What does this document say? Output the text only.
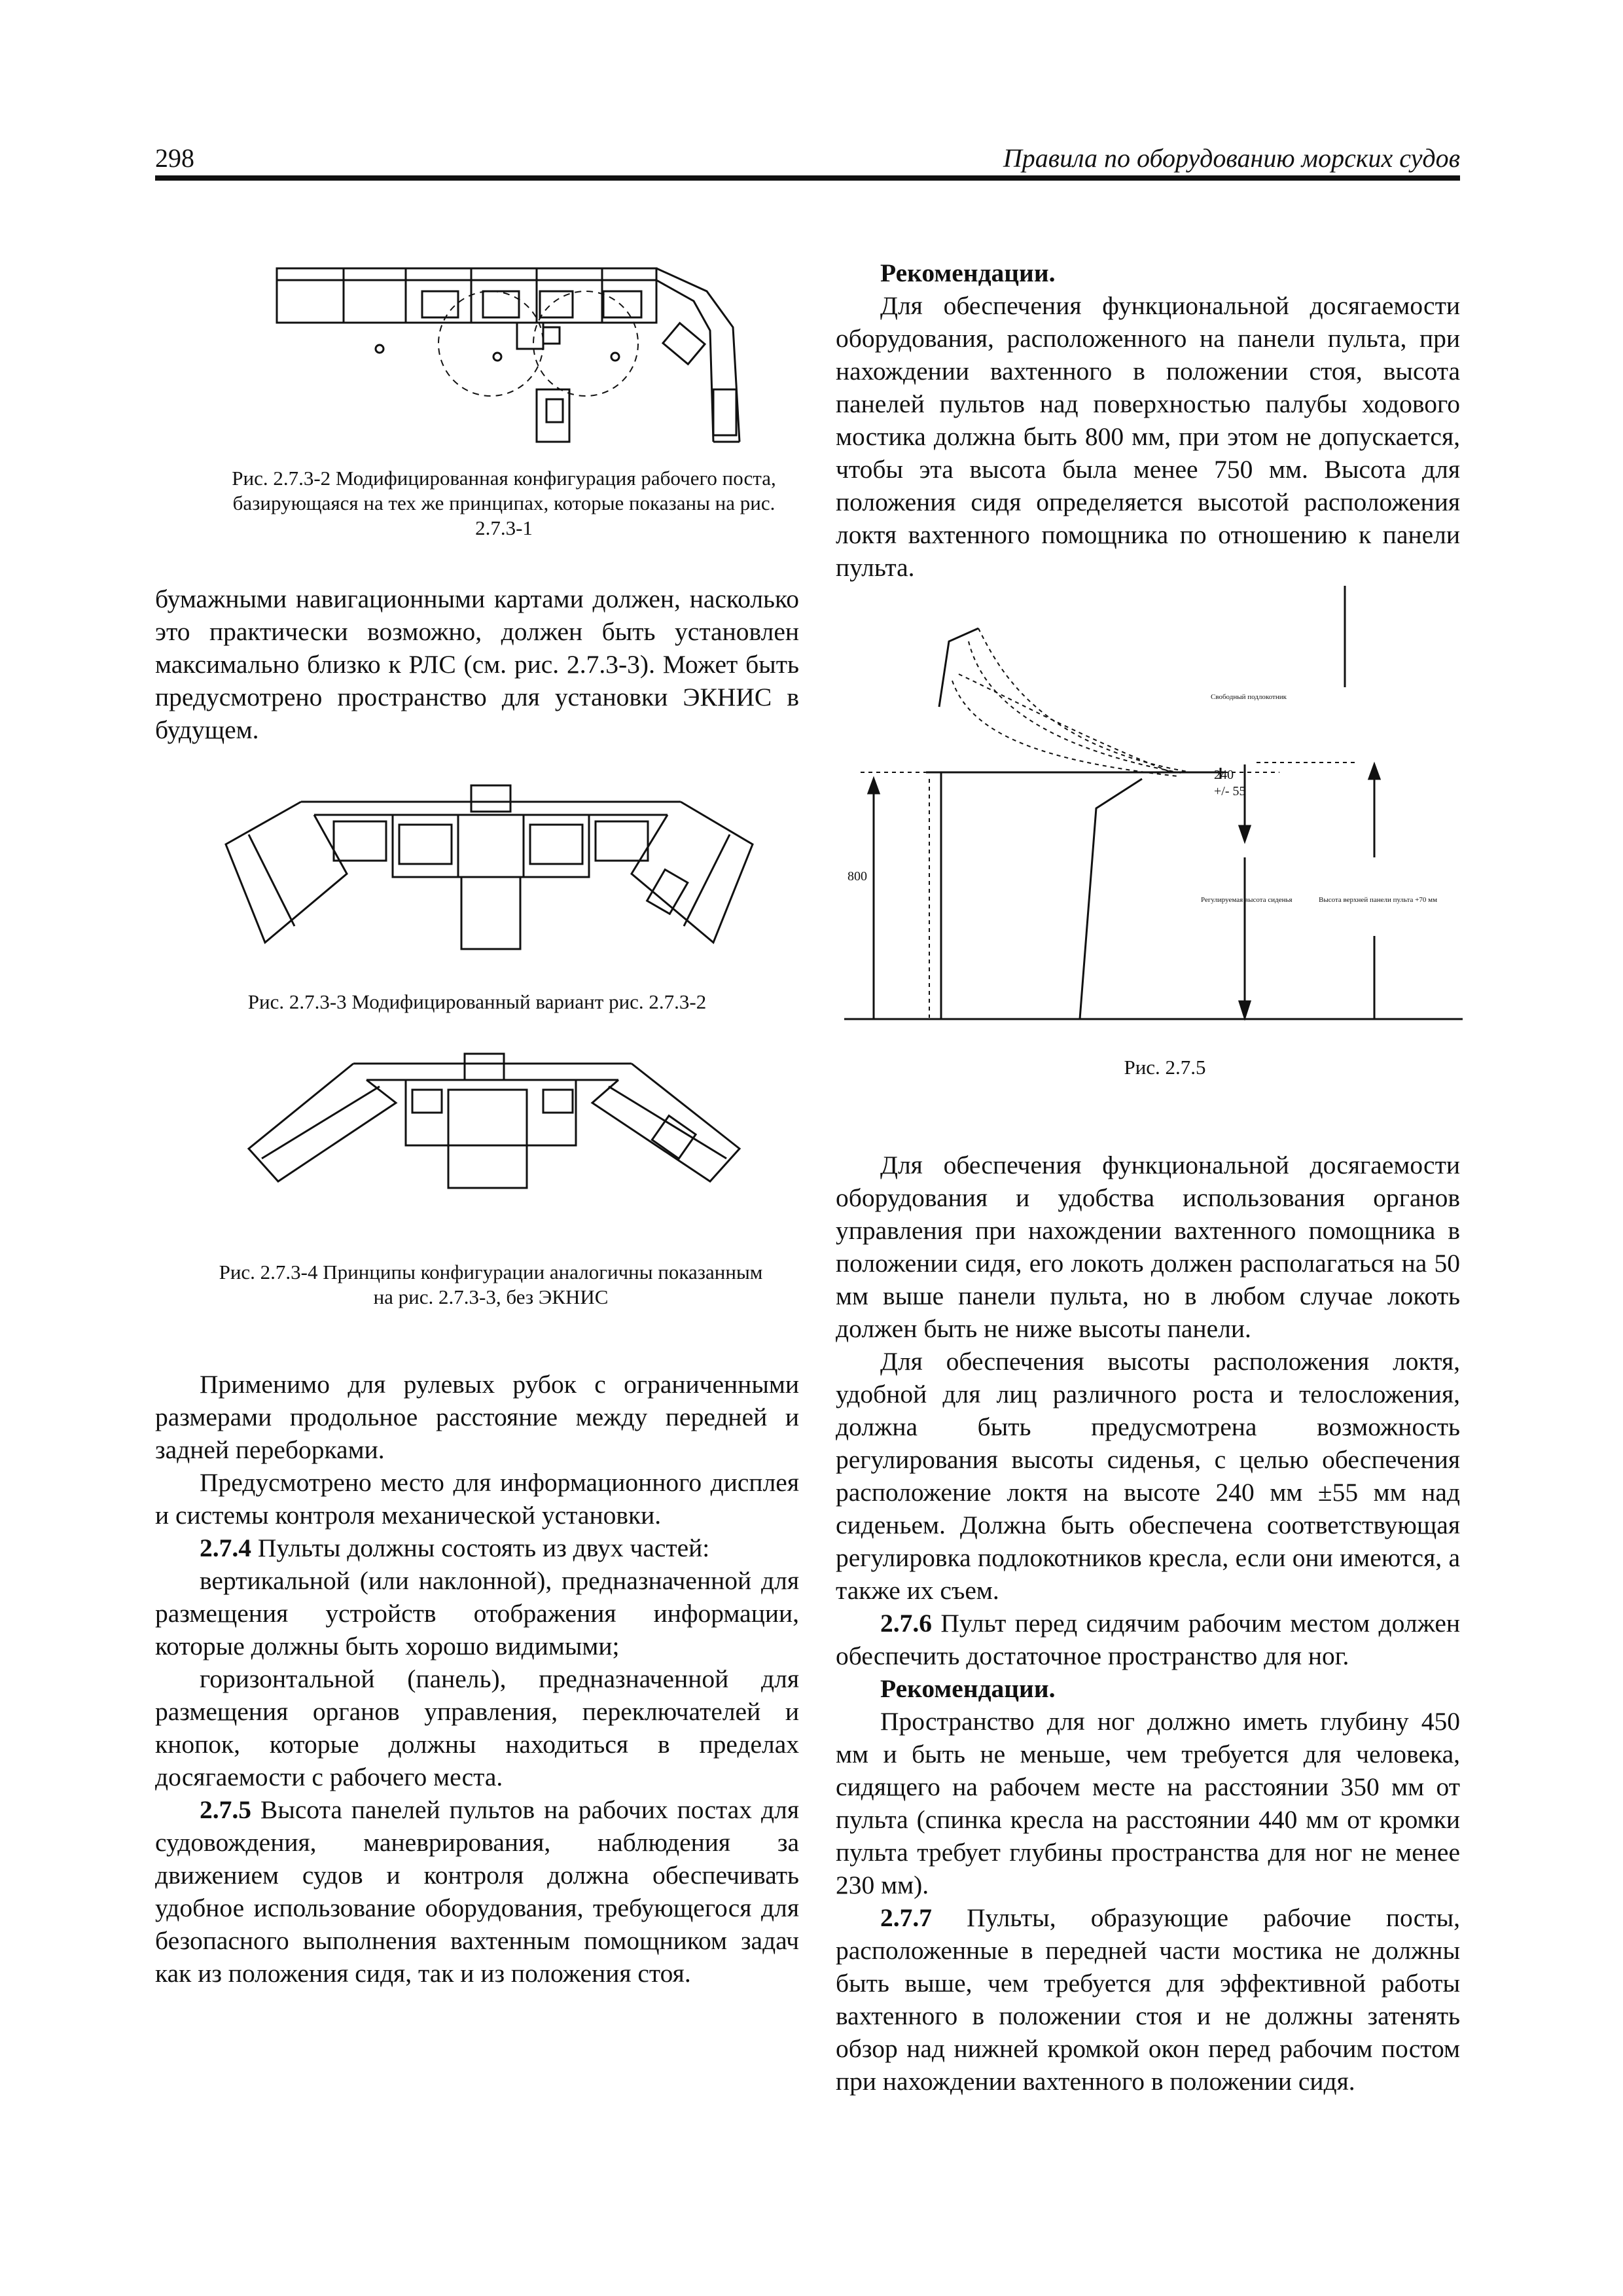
298	Правила по оборудованию морских судов
Рис. 2.7.3-2 Модифицированная конфигурация рабочего поста, базирующаяся на тех же принципах, которые показаны на рис. 2.7.3-1

бумажными навигационными картами должен, насколько это практически возможно, должен быть установлен максимально близко к РЛС (см. рис. 2.7.3-3). Может быть предусмотрено пространство для установки ЭКНИС в будущем.

Рис. 2.7.3-3 Модифицированный вариант рис. 2.7.3-2
Рис. 2.7.3-4 Принципы конфигурации аналогичны показанным на рис. 2.7.3-3, без ЭКНИС

Применимо для рулевых рубок с ограниченными размерами продольное расстояние между передней и задней переборками.

Предусмотрено место для информационного дисплея и системы контроля механической установки.

2.7.4 Пульты должны состоять из двух частей:

вертикальной (или наклонной), предназначенной для размещения устройств отображения информации, которые должны быть хорошо видимыми;

горизонтальной (панель), предназначенной для размещения органов управления, переключателей и кнопок, которые должны находиться в пределах досягаемости с рабочего места.

2.7.5 Высота панелей пультов на рабочих постах для судовождения, маневрирования, наблюдения за движением судов и контроля должна обеспечивать удобное использование оборудования, требующегося для безопасного выполнения вахтенным помощником задач как из положения сидя, так и из положения стоя.

Рекомендации.

Для обеспечения функциональной досягаемости оборудования, расположенного на панели пульта, при нахождении вахтенного в положении стоя, высота панелей пультов над поверхностью палубы ходового мостика должна быть 800 мм, при этом не допускается, чтобы эта высота была менее 750 мм. Высота для положения сидя определяется высотой расположения локтя вахтенного помощника по отношению к панели пульта.

800
240
+/- 55
Свободный подлокотник
Регулируемая высота сиденья	Высота верхней панели пульта +70 мм
Рис. 2.7.5

Для обеспечения функциональной досягаемости оборудования и удобства использования органов управления при нахождении вахтенного помощника в положении сидя, его локоть должен располагаться на 50 мм выше панели пульта, но в любом случае локоть должен быть не ниже высоты панели.

Для обеспечения высоты расположения локтя, удобной для лиц различного роста и телосложения, должна быть предусмотрена возможность регулирования высоты сиденья, с целью обеспечения расположение локтя на высоте 240 мм ±55 мм над сиденьем. Должна быть обеспечена соответствующая регулировка подлокотников кресла, если они имеются, а также их съем.

2.7.6 Пульт перед сидячим рабочим местом должен обеспечить достаточное пространство для ног.

Рекомендации.

Пространство для ног должно иметь глубину 450 мм и быть не меньше, чем требуется для человека, сидящего на рабочем месте на расстоянии 350 мм от пульта (спинка кресла на расстоянии 440 мм от кромки пульта требует глубины пространства для ног не менее 230 мм).

2.7.7 Пульты, образующие рабочие посты, расположенные в передней части мостика не должны быть выше, чем требуется для эффективной работы вахтенного в положении стоя и не должны затенять обзор над нижней кромкой окон перед рабочим постом при нахождении вахтенного в положении сидя.
